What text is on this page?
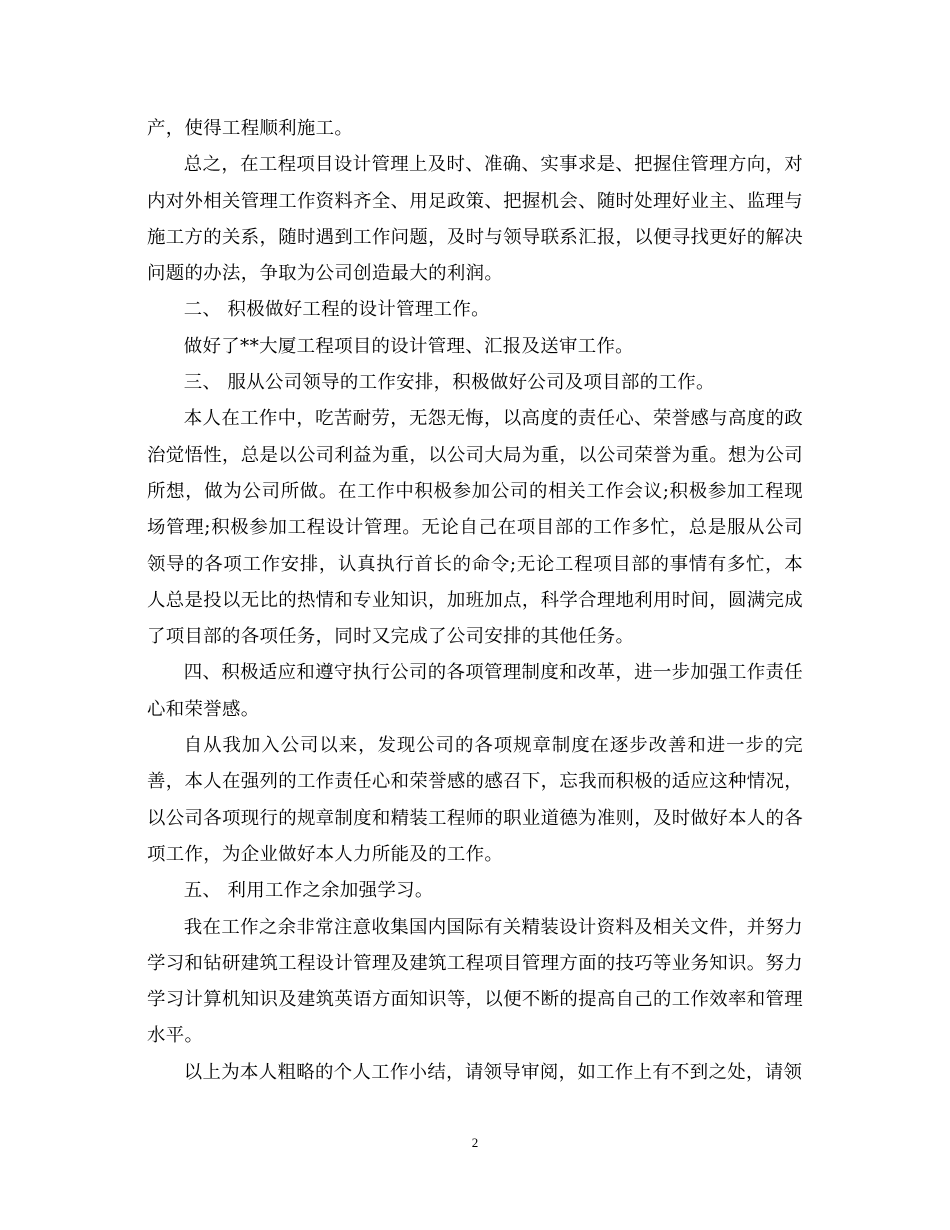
产，使得工程顺利施工。

总之，在工程项目设计管理上及时、准确、实事求是、把握住管理方向，对内对外相关管理工作资料齐全、用足政策、把握机会、随时处理好业主、监理与施工方的关系，随时遇到工作问题，及时与领导联系汇报，以便寻找更好的解决问题的办法，争取为公司创造最大的利润。

二、 积极做好工程的设计管理工作。

做好了**大厦工程项目的设计管理、汇报及送审工作。

三、 服从公司领导的工作安排，积极做好公司及项目部的工作。

本人在工作中，吃苦耐劳，无怨无悔，以高度的责任心、荣誉感与高度的政治觉悟性，总是以公司利益为重，以公司大局为重，以公司荣誉为重。想为公司所想，做为公司所做。在工作中积极参加公司的相关工作会议;积极参加工程现场管理;积极参加工程设计管理。无论自己在项目部的工作多忙，总是服从公司领导的各项工作安排，认真执行首长的命令;无论工程项目部的事情有多忙，本人总是投以无比的热情和专业知识，加班加点，科学合理地利用时间，圆满完成了项目部的各项任务，同时又完成了公司安排的其他任务。

四、积极适应和遵守执行公司的各项管理制度和改革，进一步加强工作责任心和荣誉感。

自从我加入公司以来，发现公司的各项规章制度在逐步改善和进一步的完善，本人在强列的工作责任心和荣誉感的感召下，忘我而积极的适应这种情况，以公司各项现行的规章制度和精装工程师的职业道德为准则，及时做好本人的各项工作，为企业做好本人力所能及的工作。

五、 利用工作之余加强学习。

我在工作之余非常注意收集国内国际有关精装设计资料及相关文件，并努力学习和钻研建筑工程设计管理及建筑工程项目管理方面的技巧等业务知识。努力学习计算机知识及建筑英语方面知识等，以便不断的提高自己的工作效率和管理水平。

以上为本人粗略的个人工作小结，请领导审阅，如工作上有不到之处，请领

2
